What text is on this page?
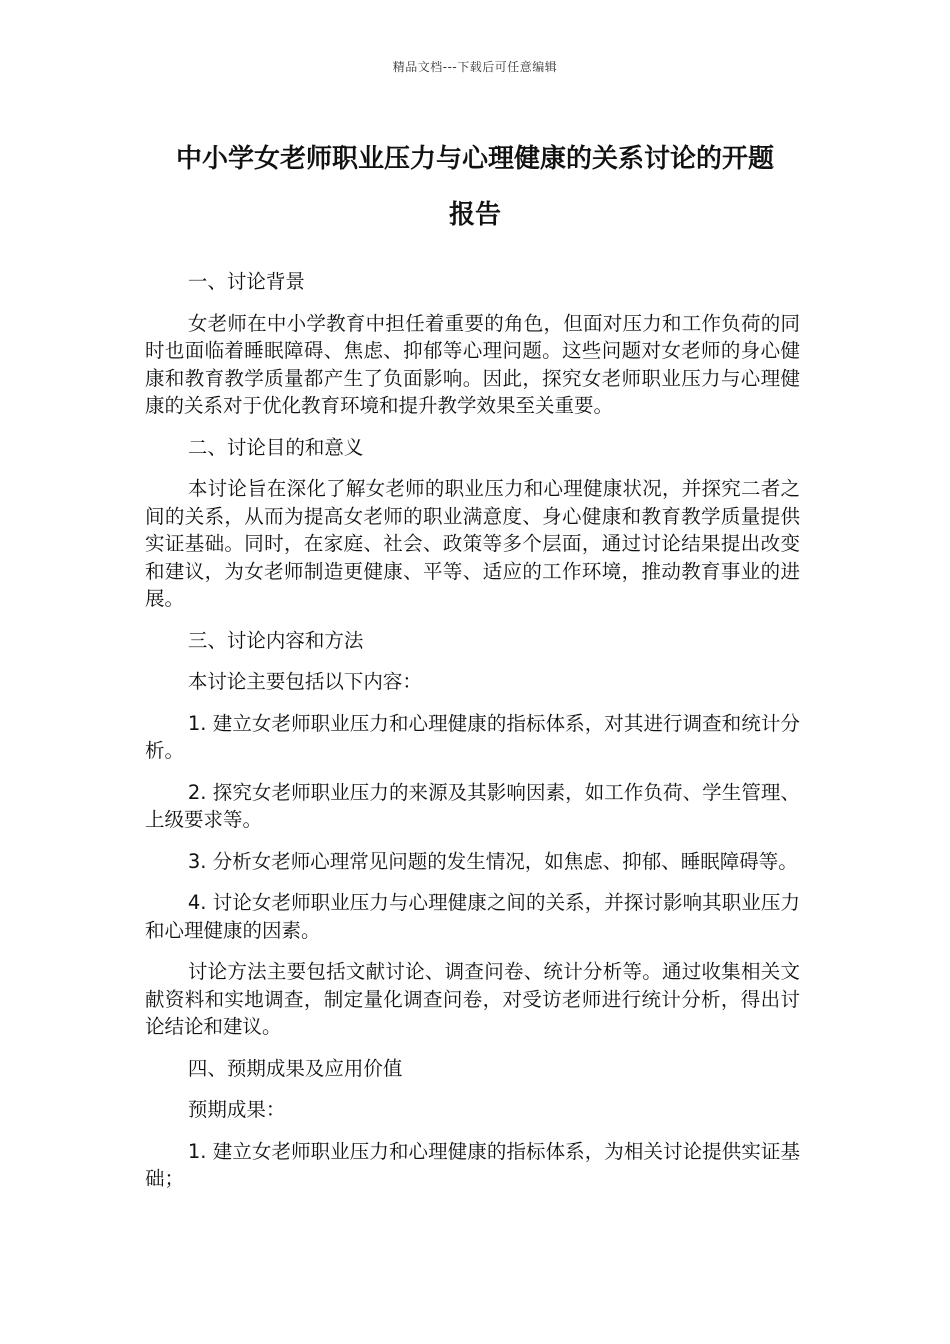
精品文档---下载后可任意编辑
中小学女老师职业压力与心理健康的关系讨论的开题
报告

一、讨论背景

女老师在中小学教育中担任着重要的角色，但面对压力和工作负荷的同时也面临着睡眠障碍、焦虑、抑郁等心理问题。这些问题对女老师的身心健康和教育教学质量都产生了负面影响。因此，探究女老师职业压力与心理健康的关系对于优化教育环境和提升教学效果至关重要。

二、讨论目的和意义

本讨论旨在深化了解女老师的职业压力和心理健康状况，并探究二者之间的关系，从而为提高女老师的职业满意度、身心健康和教育教学质量提供实证基础。同时，在家庭、社会、政策等多个层面，通过讨论结果提出改变和建议，为女老师制造更健康、平等、适应的工作环境，推动教育事业的进展。

三、讨论内容和方法

本讨论主要包括以下内容：

1. 建立女老师职业压力和心理健康的指标体系，对其进行调查和统计分析。

2. 探究女老师职业压力的来源及其影响因素，如工作负荷、学生管理、上级要求等。

3. 分析女老师心理常见问题的发生情况，如焦虑、抑郁、睡眠障碍等。

4. 讨论女老师职业压力与心理健康之间的关系，并探讨影响其职业压力和心理健康的因素。

讨论方法主要包括文献讨论、调查问卷、统计分析等。通过收集相关文献资料和实地调查，制定量化调查问卷，对受访老师进行统计分析，得出讨论结论和建议。

四、预期成果及应用价值

预期成果：

1. 建立女老师职业压力和心理健康的指标体系，为相关讨论提供实证基础；
